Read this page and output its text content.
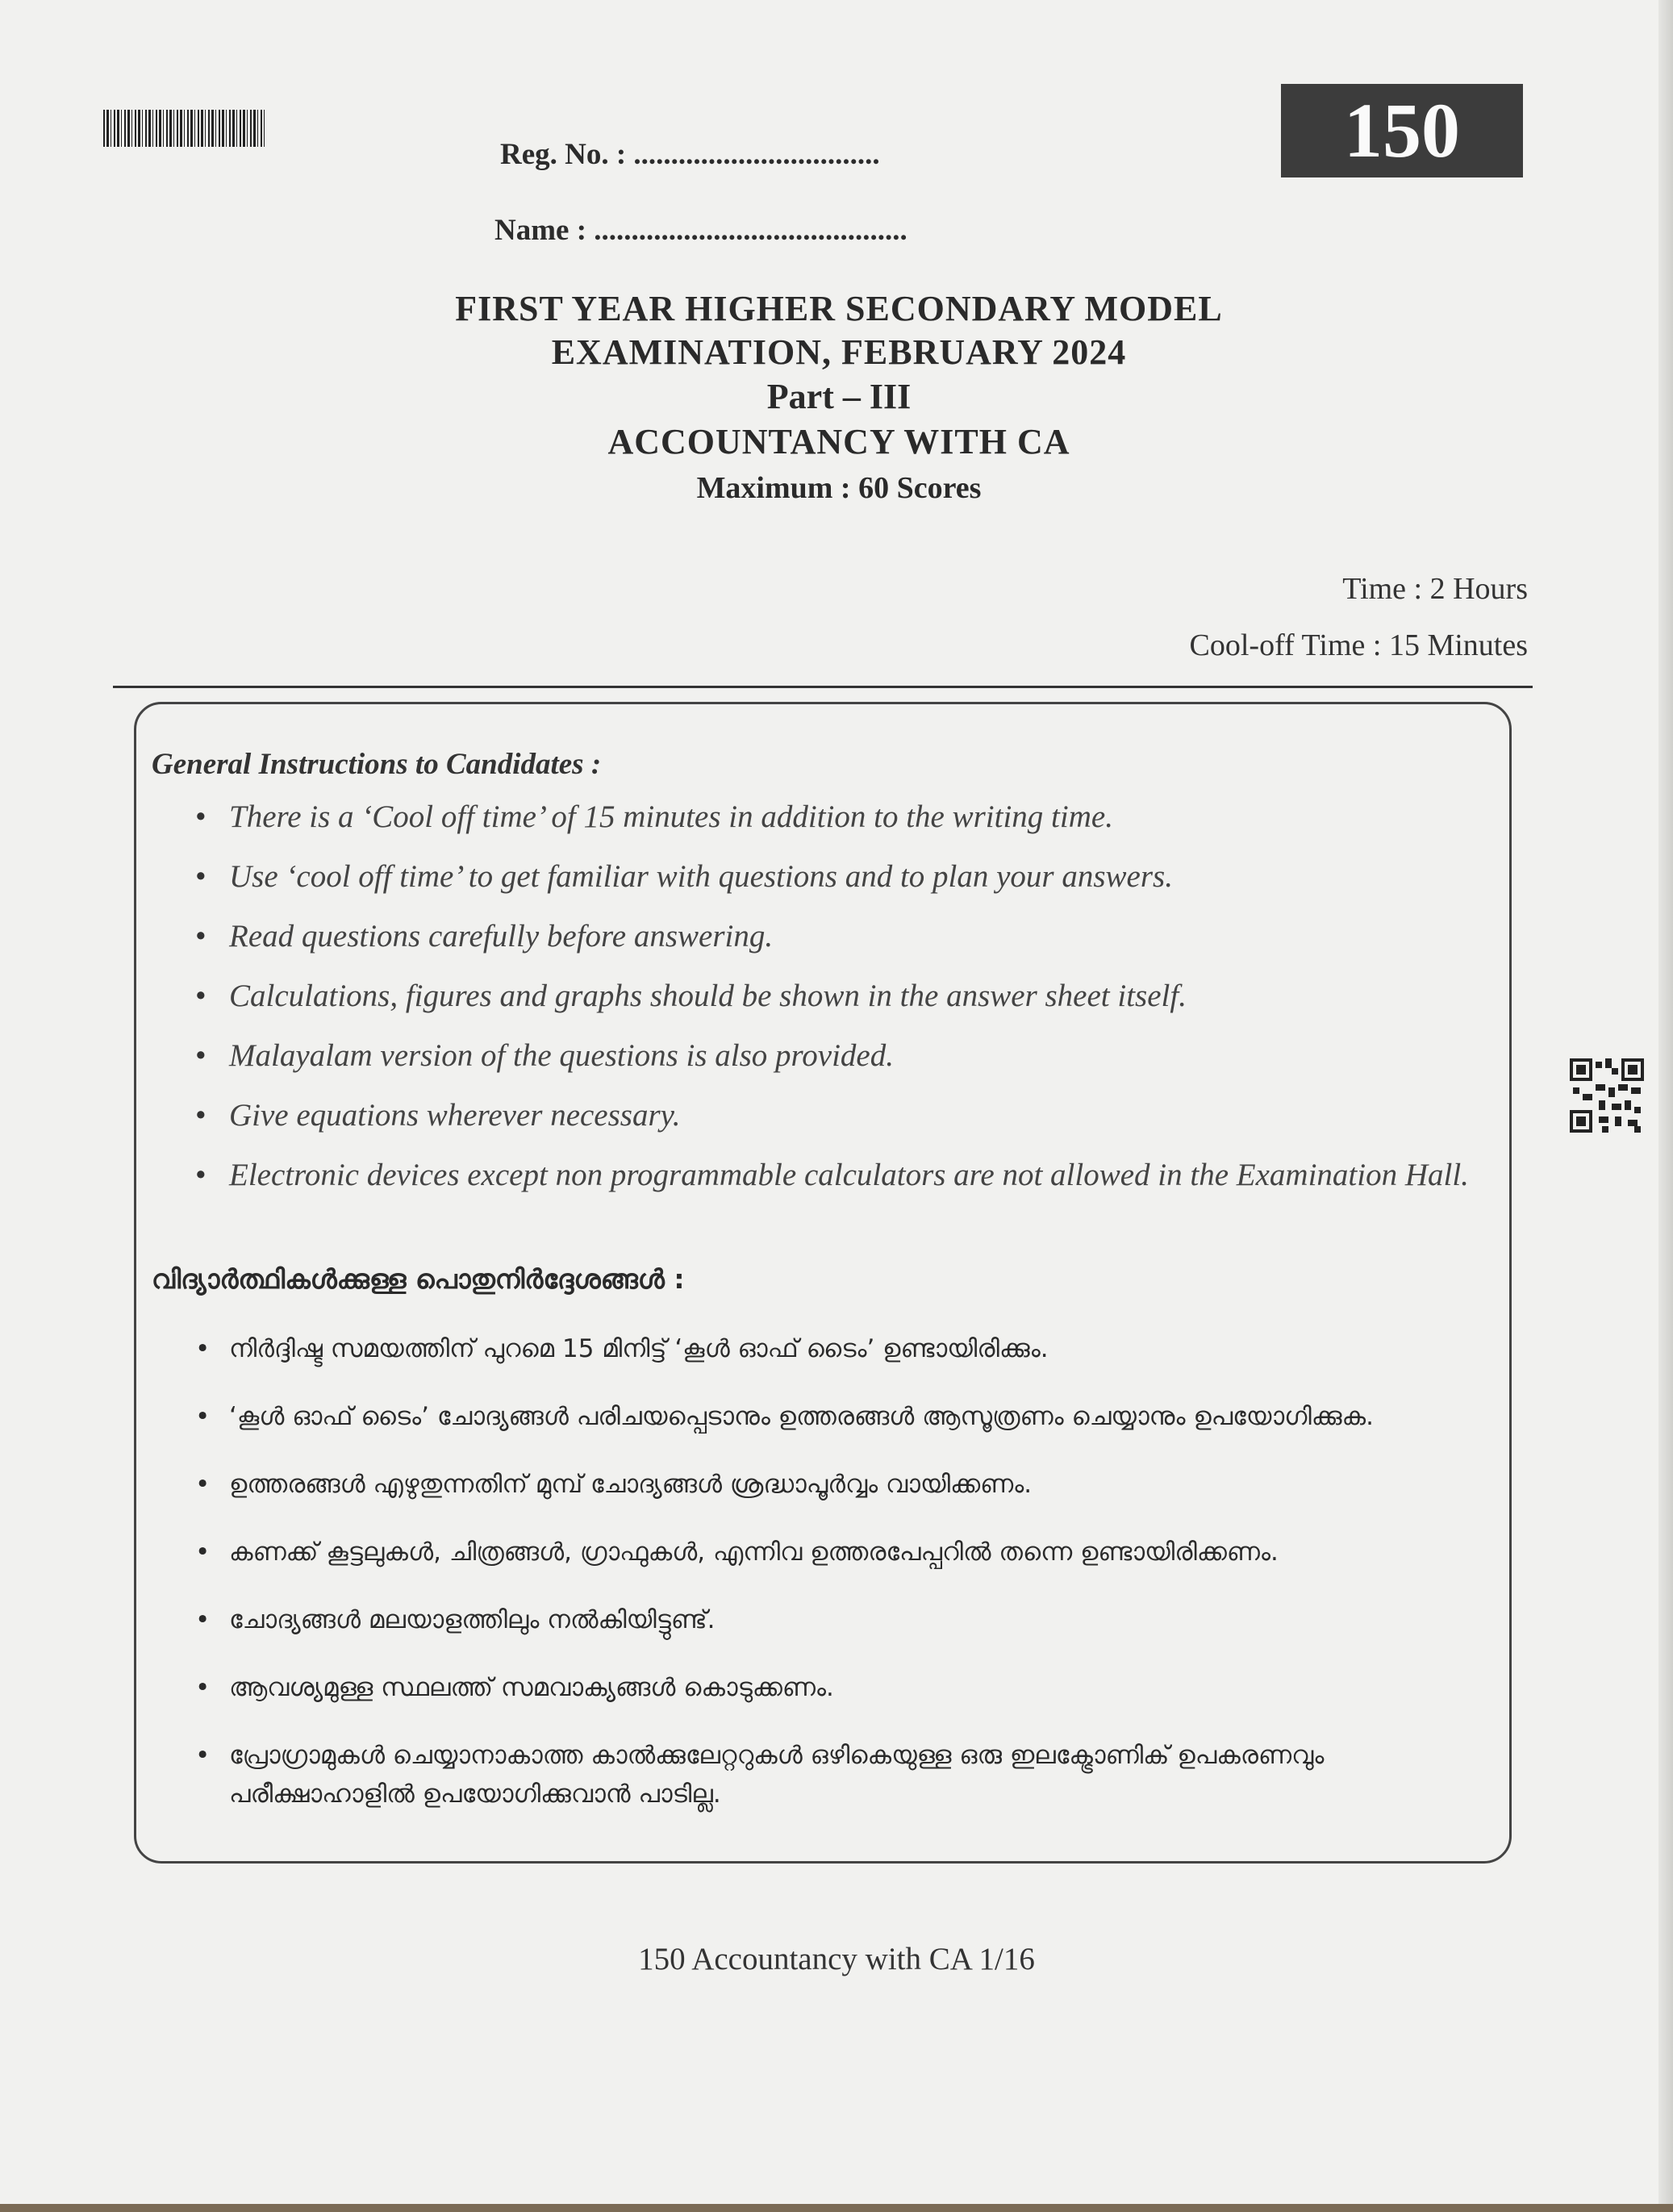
150
Reg. No. : .................................
Name : ..........................................
FIRST YEAR HIGHER SECONDARY MODEL
EXAMINATION, FEBRUARY 2024
Part – III
ACCOUNTANCY WITH CA
Maximum : 60 Scores
Time : 2 Hours
Cool-off Time : 15 Minutes
General Instructions to Candidates :
• There is a ‘Cool off time’ of 15 minutes in addition to the writing time.
• Use ‘cool off time’ to get familiar with questions and to plan your answers.
• Read questions carefully before answering.
• Calculations, figures and graphs should be shown in the answer sheet itself.
• Malayalam version of the questions is also provided.
• Give equations wherever necessary.
• Electronic devices except non programmable calculators are not allowed in the Examination Hall.
വിദ്യാർത്ഥികൾക്കുള്ള പൊതുനിർദ്ദേശങ്ങൾ :
• നിർദ്ദിഷ്ട സമയത്തിന് പുറമെ 15 മിനിട്ട് ‘കൂൾ ഓഫ് ടൈം’ ഉണ്ടായിരിക്കും.
• ‘കൂൾ ഓഫ് ടൈം’ ചോദ്യങ്ങൾ പരിചയപ്പെടാനും ഉത്തരങ്ങൾ ആസൂത്രണം ചെയ്യാനും ഉപയോഗിക്കുക.
• ഉത്തരങ്ങൾ എഴുതുന്നതിന് മുമ്പ് ചോദ്യങ്ങൾ ശ്രദ്ധാപൂർവ്വം വായിക്കണം.
• കണക്ക് കൂട്ടലുകൾ, ചിത്രങ്ങൾ, ഗ്രാഫുകൾ, എന്നിവ ഉത്തരപേപ്പറിൽ തന്നെ ഉണ്ടായിരിക്കണം.
• ചോദ്യങ്ങൾ മലയാളത്തിലും നൽകിയിട്ടുണ്ട്.
• ആവശ്യമുള്ള സ്ഥലത്ത് സമവാക്യങ്ങൾ കൊടുക്കണം.
• പ്രോഗ്രാമുകൾ ചെയ്യാനാകാത്ത കാൽക്കുലേറ്ററുകൾ ഒഴികെയുള്ള ഒരു ഇലക്ട്രോണിക് ഉപകരണവും പരീക്ഷാഹാളിൽ ഉപയോഗിക്കുവാൻ പാടില്ല.
150 Accountancy with CA 1/16
